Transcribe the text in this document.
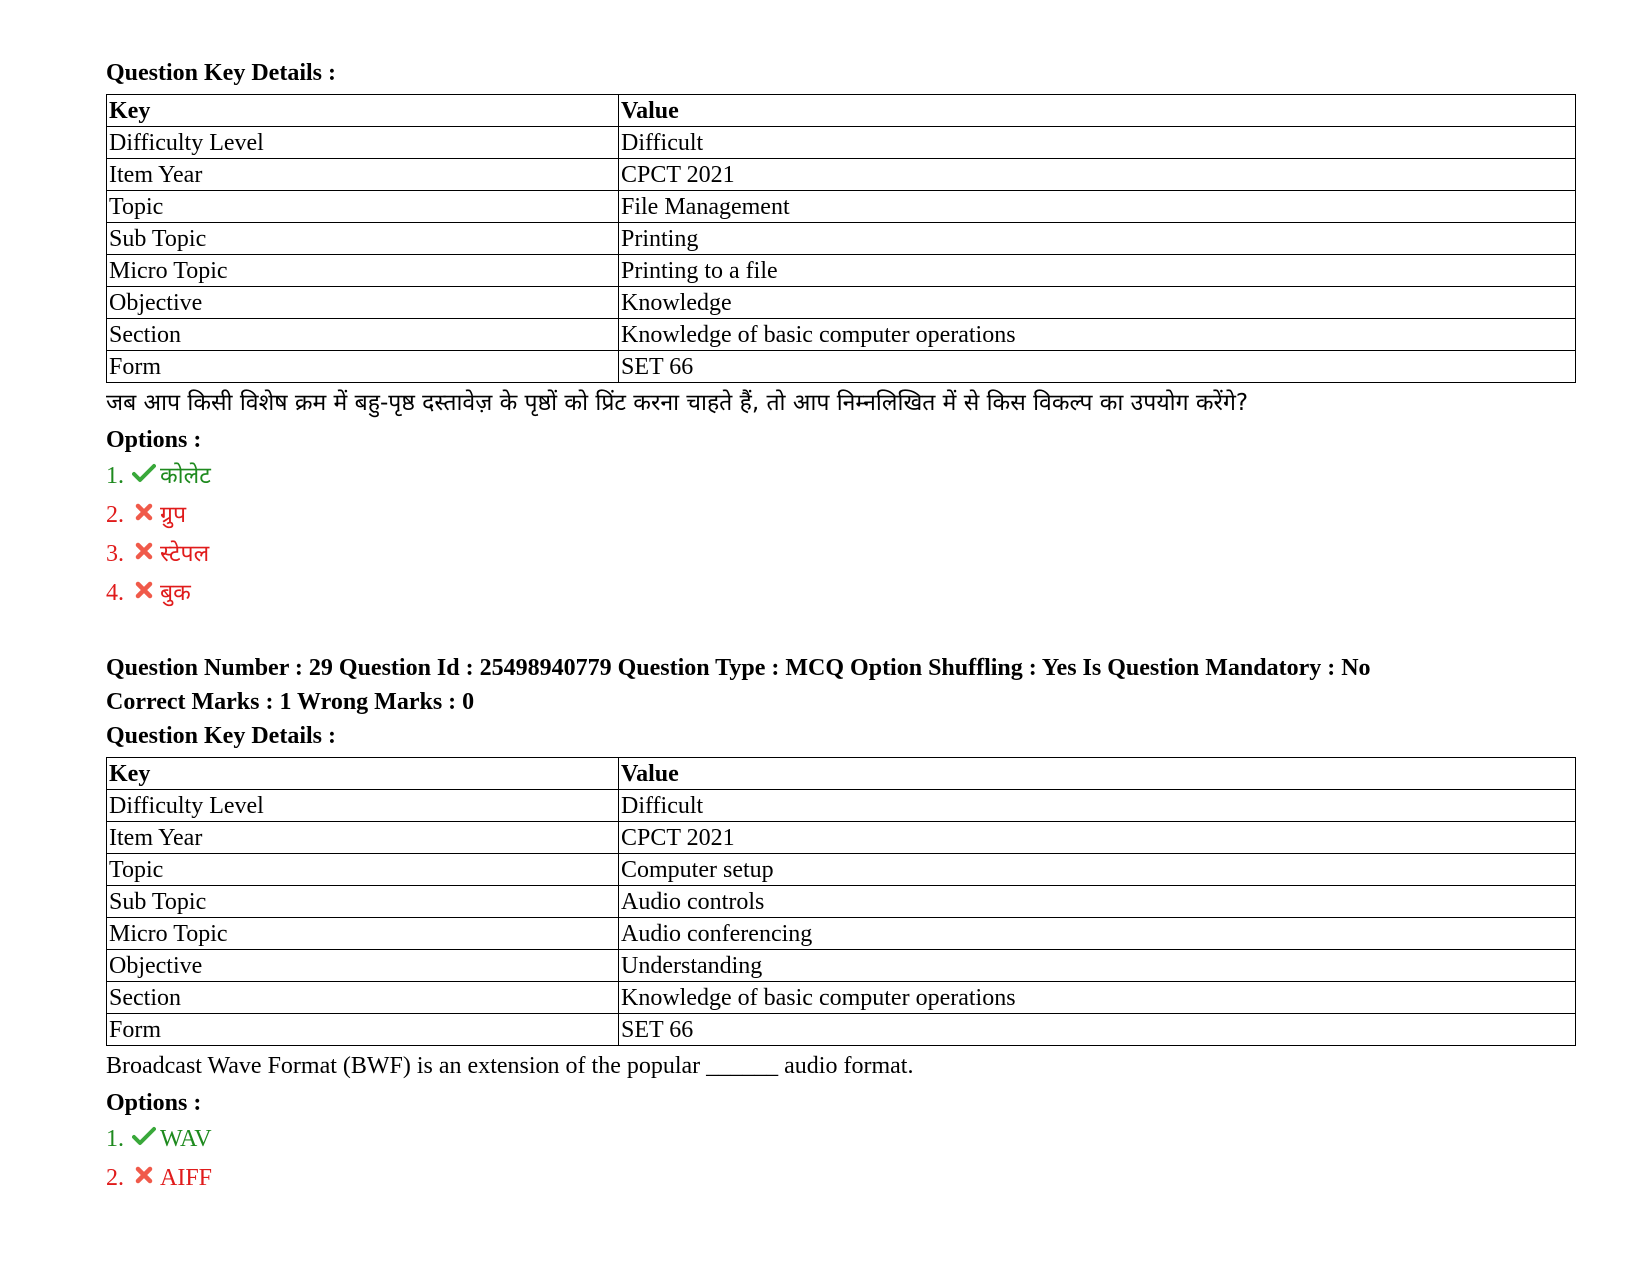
Question Key Details :

Key	Value
Difficulty Level	Difficult
Item Year	CPCT 2021
Topic	File Management
Sub Topic	Printing
Micro Topic	Printing to a file
Objective	Knowledge
Section	Knowledge of basic computer operations
Form	SET 66

जब आप किसी विशेष क्रम में बहु-पृष्ठ दस्तावेज़ के पृष्ठों को प्रिंट करना चाहते हैं, तो आप निम्नलिखित में से किस विकल्प का उपयोग करेंगे?

Options :

1. कोलेट
2. ग्रुप
3. स्टेपल
4. बुक

Question Number : 29 Question Id : 25498940779 Question Type : MCQ Option Shuffling : Yes Is Question Mandatory : No

Correct Marks : 1 Wrong Marks : 0

Question Key Details :

Key	Value
Difficulty Level	Difficult
Item Year	CPCT 2021
Topic	Computer setup
Sub Topic	Audio controls
Micro Topic	Audio conferencing
Objective	Understanding
Section	Knowledge of basic computer operations
Form	SET 66

Broadcast Wave Format (BWF) is an extension of the popular ______ audio format.

Options :

1. WAV
2. AIFF
